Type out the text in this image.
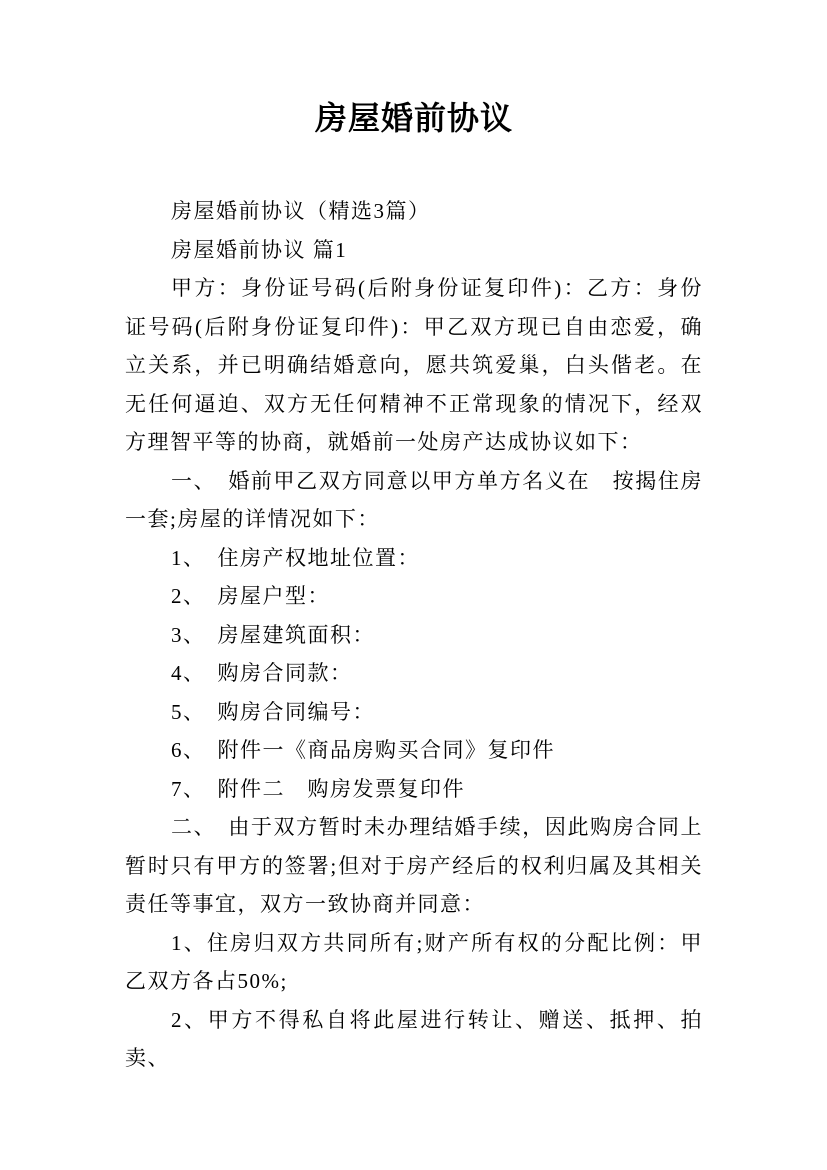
房屋婚前协议

房屋婚前协议（精选3篇）

房屋婚前协议 篇1

甲方：身份证号码(后附身份证复印件)：乙方：身份证号码(后附身份证复印件)：甲乙双方现已自由恋爱，确立关系，并已明确结婚意向，愿共筑爱巢，白头偕老。在无任何逼迫、双方无任何精神不正常现象的情况下，经双方理智平等的协商，就婚前一处房产达成协议如下：

一、　婚前甲乙双方同意以甲方单方名义在　按揭住房一套;房屋的详情况如下：

1、　住房产权地址位置：

2、　房屋户型：

3、　房屋建筑面积：

4、　购房合同款：

5、　购房合同编号：

6、　附件一《商品房购买合同》复印件

7、　附件二　购房发票复印件

二、　由于双方暂时未办理结婚手续，因此购房合同上暂时只有甲方的签署;但对于房产经后的权利归属及其相关责任等事宜，双方一致协商并同意：

1、住房归双方共同所有;财产所有权的分配比例：甲乙双方各占50%;

2、甲方不得私自将此屋进行转让、赠送、抵押、拍卖、
